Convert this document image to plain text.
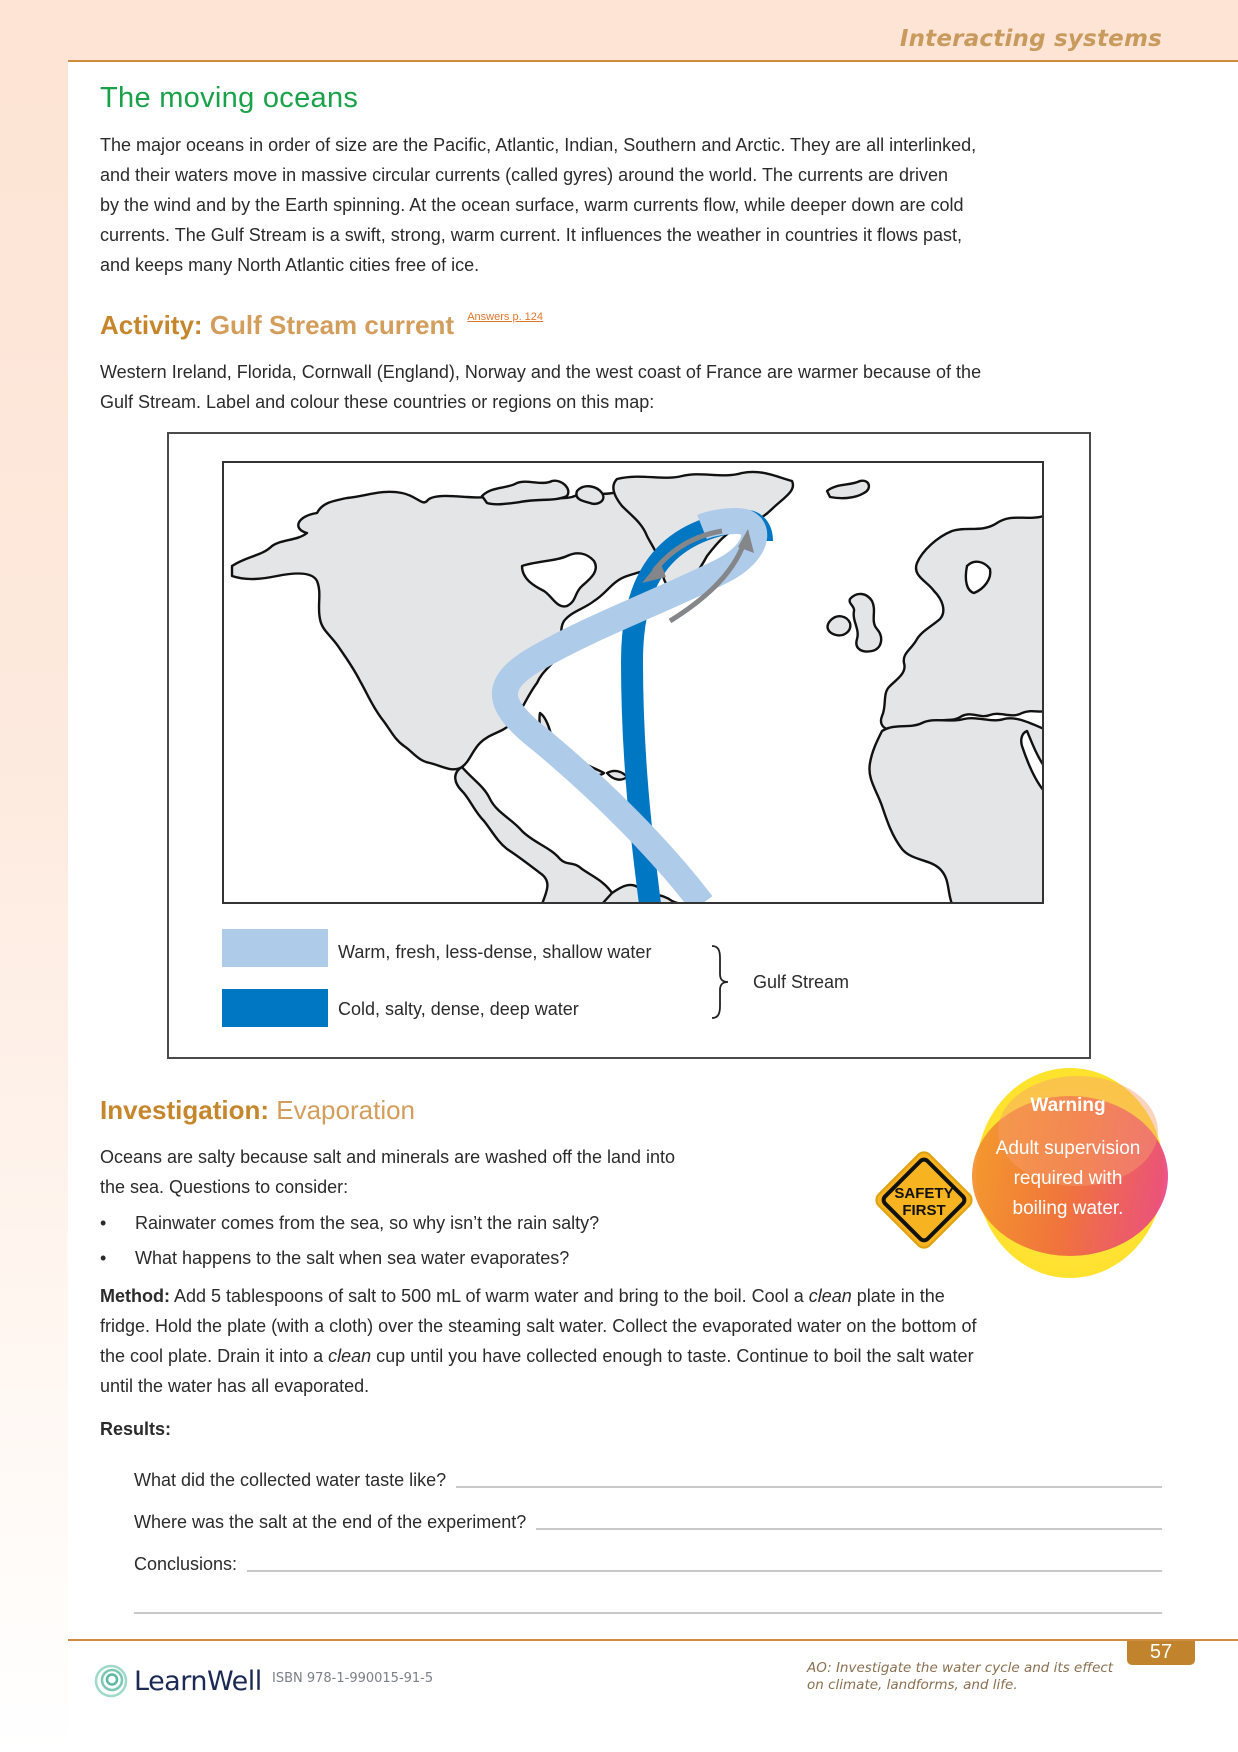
Interacting systems
The moving oceans
The major oceans in order of size are the Pacific, Atlantic, Indian, Southern and Arctic. They are all interlinked,
and their waters move in massive circular currents (called gyres) around the world. The currents are driven
by the wind and by the Earth spinning. At the ocean surface, warm currents flow, while deeper down are cold
currents. The Gulf Stream is a swift, strong, warm current. It influences the weather in countries it flows past,
and keeps many North Atlantic cities free of ice.
Activity: Gulf Stream current $^{Answers p. 124}$
Western Ireland, Florida, Cornwall (England), Norway and the west coast of France are warmer because of the
Gulf Stream. Label and colour these countries or regions on this map:
Warm, fresh, less-dense, shallow water
Cold, salty, dense, deep water
Gulf Stream
Investigation: Evaporation
Oceans are salty because salt and minerals are washed off the land into
the sea. Questions to consider:
• Rainwater comes from the sea, so why isn’t the rain salty?
• What happens to the salt when sea water evaporates?
Method: Add 5 tablespoons of salt to 500 mL of warm water and bring to the boil. Cool a clean plate in the
fridge. Hold the plate (with a cloth) over the steaming salt water. Collect the evaporated water on the bottom of
the cool plate. Drain it into a clean cup until you have collected enough to taste. Continue to boil the salt water
until the water has all evaporated.
Results:
What did the collected water taste like?
Where was the salt at the end of the experiment?
Conclusions:
Warning
Adult supervision
required with
boiling water.
SAFETY
FIRST
57
LearnWell ISBN 978-1-990015-91-5
AO: Investigate the water cycle and its effect
on climate, landforms, and life.
